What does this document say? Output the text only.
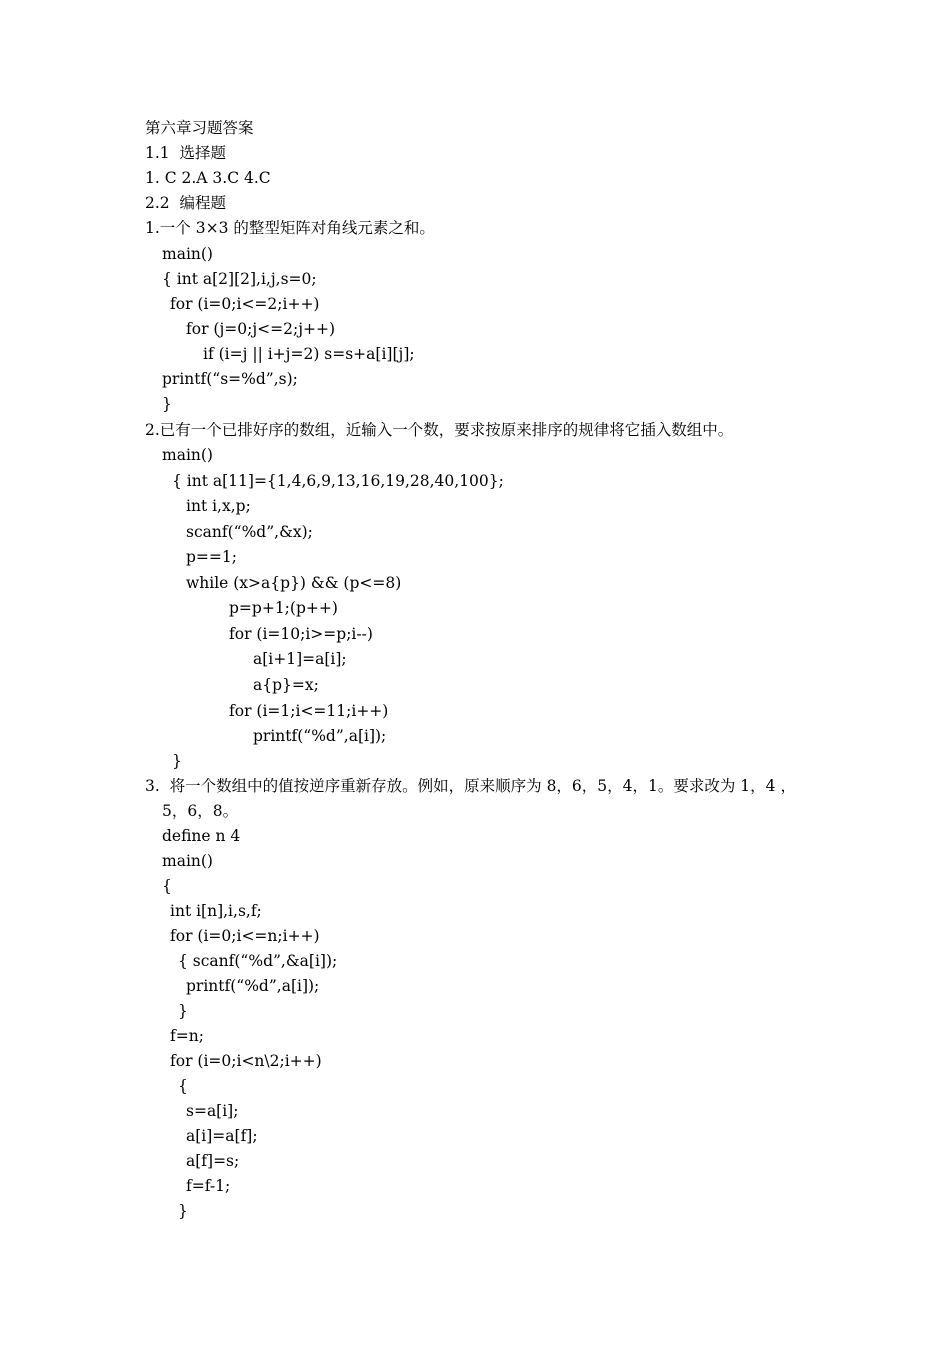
第六章习题答案
1.1  选择题
1. C 2.A 3.C 4.C
2.2  编程题
1.一个 3×3 的整型矩阵对角线元素之和。
main()
{ int a[2][2],i,j,s=0;
for (i=0;i<=2;i++)
for (j=0;j<=2;j++)
if (i=j || i+j=2) s=s+a[i][j];
printf(“s=%d”,s);
}
2.已有一个已排好序的数组，近输入一个数，要求按原来排序的规律将它插入数组中。
main()
{ int a[11]={1,4,6,9,13,16,19,28,40,100};
int i,x,p;
scanf(“%d”,&x);
p==1;
while (x>a{p}) && (p<=8)
p=p+1;(p++)
for (i=10;i>=p;i--)
a[i+1]=a[i];
a{p}=x;
for (i=1;i<=11;i++)
printf(“%d”,a[i]);
}
3.  将一个数组中的值按逆序重新存放。例如，原来顺序为 8，6，5，4，1。要求改为 1，4 ，
5，6，8。
define n 4
main()
{
int i[n],i,s,f;
for (i=0;i<=n;i++)
{ scanf(“%d”,&a[i]);
printf(“%d”,a[i]);
}
f=n;
for (i=0;i<n\2;i++)
{
s=a[i];
a[i]=a[f];
a[f]=s;
f=f-1;
}
